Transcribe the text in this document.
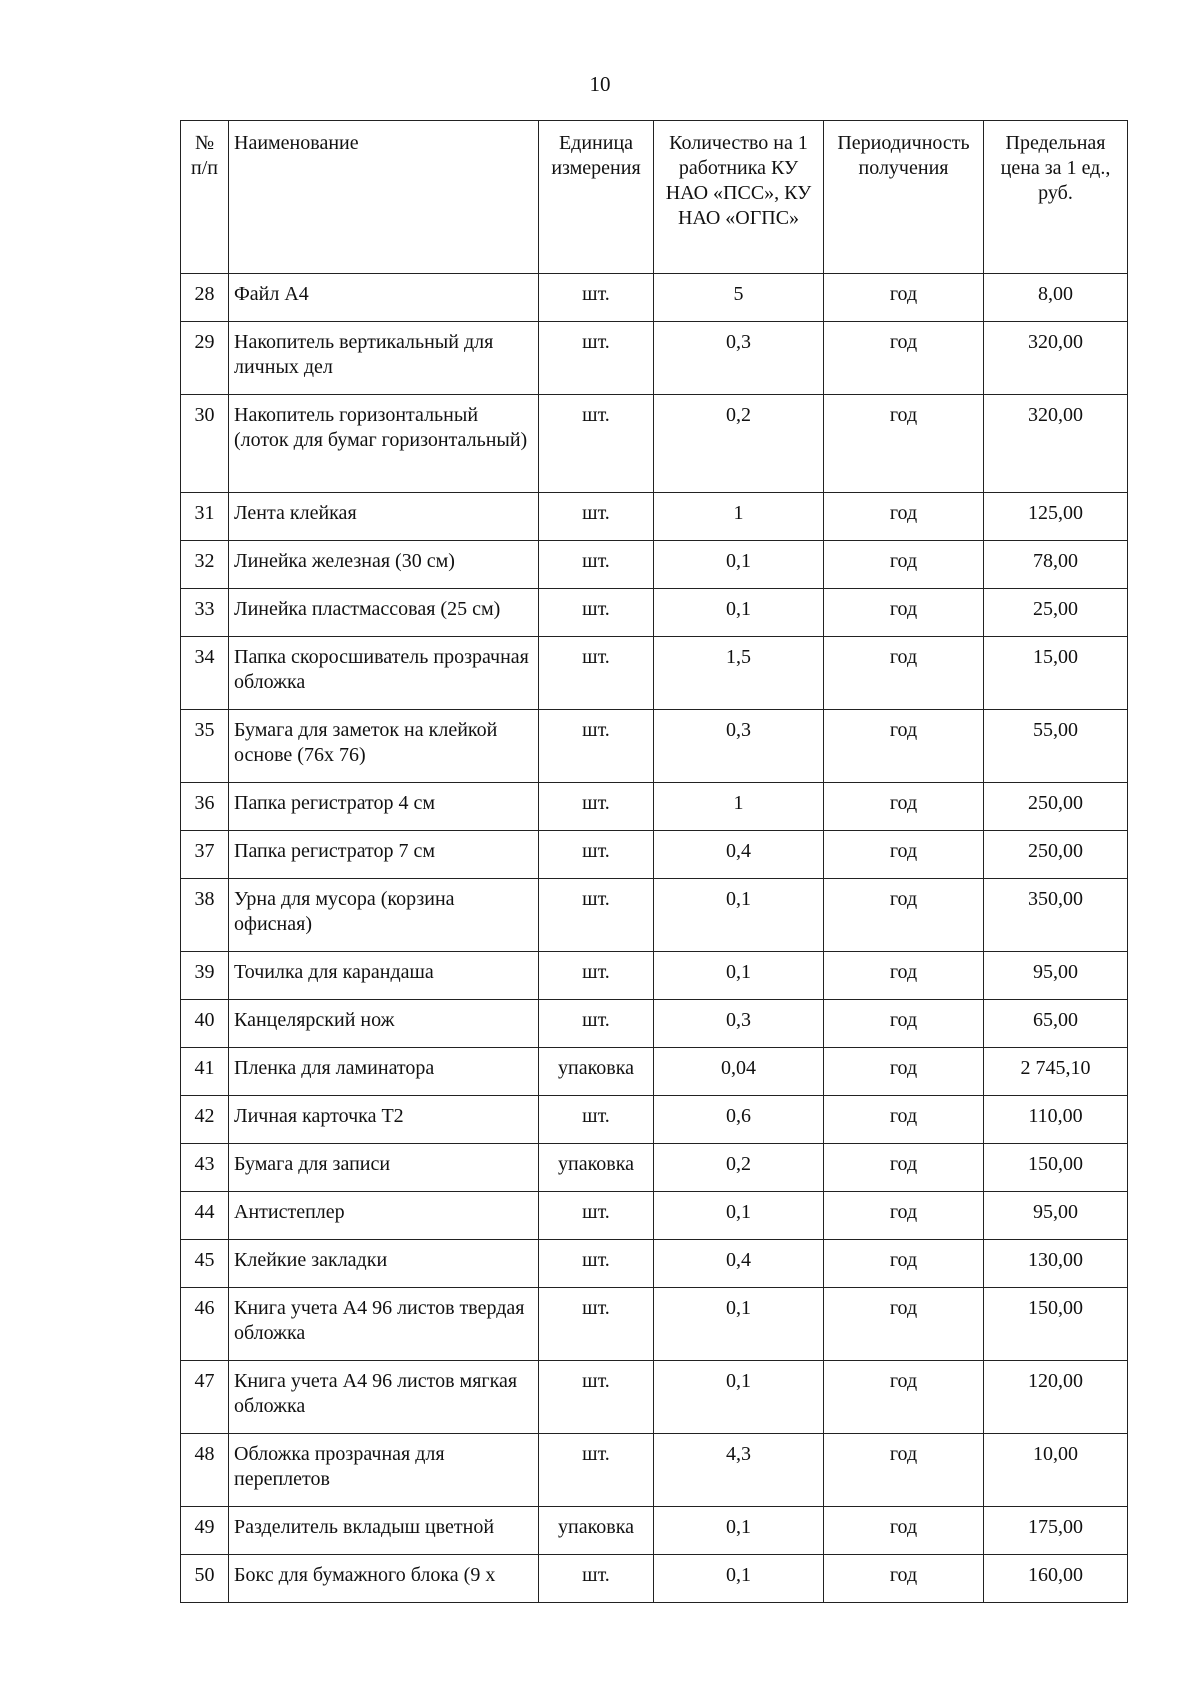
10
№ п/п	Наименование	Единица измерения	Количество на 1 работника КУ НАО «ПСС», КУ НАО «ОГПС»	Периодичность получения	Предельная цена за 1 ед., руб.
28	Файл А4	шт.	5	год	8,00
29	Накопитель вертикальный для личных дел	шт.	0,3	год	320,00
30	Накопитель горизонтальный (лоток для бумаг горизонтальный)	шт.	0,2	год	320,00
31	Лента клейкая	шт.	1	год	125,00
32	Линейка железная (30 см)	шт.	0,1	год	78,00
33	Линейка пластмассовая (25 см)	шт.	0,1	год	25,00
34	Папка скоросшиватель прозрачная обложка	шт.	1,5	год	15,00
35	Бумага для заметок на клейкой основе (76х 76)	шт.	0,3	год	55,00
36	Папка регистратор 4 см	шт.	1	год	250,00
37	Папка регистратор 7 см	шт.	0,4	год	250,00
38	Урна для мусора (корзина офисная)	шт.	0,1	год	350,00
39	Точилка для карандаша	шт.	0,1	год	95,00
40	Канцелярский нож	шт.	0,3	год	65,00
41	Пленка для ламинатора	упаковка	0,04	год	2 745,10
42	Личная карточка Т2	шт.	0,6	год	110,00
43	Бумага для записи	упаковка	0,2	год	150,00
44	Антистеплер	шт.	0,1	год	95,00
45	Клейкие закладки	шт.	0,4	год	130,00
46	Книга учета А4 96 листов твердая обложка	шт.	0,1	год	150,00
47	Книга учета А4 96 листов мягкая обложка	шт.	0,1	год	120,00
48	Обложка прозрачная для переплетов	шт.	4,3	год	10,00
49	Разделитель вкладыш цветной	упаковка	0,1	год	175,00
50	Бокс для бумажного блока (9 х	шт.	0,1	год	160,00
